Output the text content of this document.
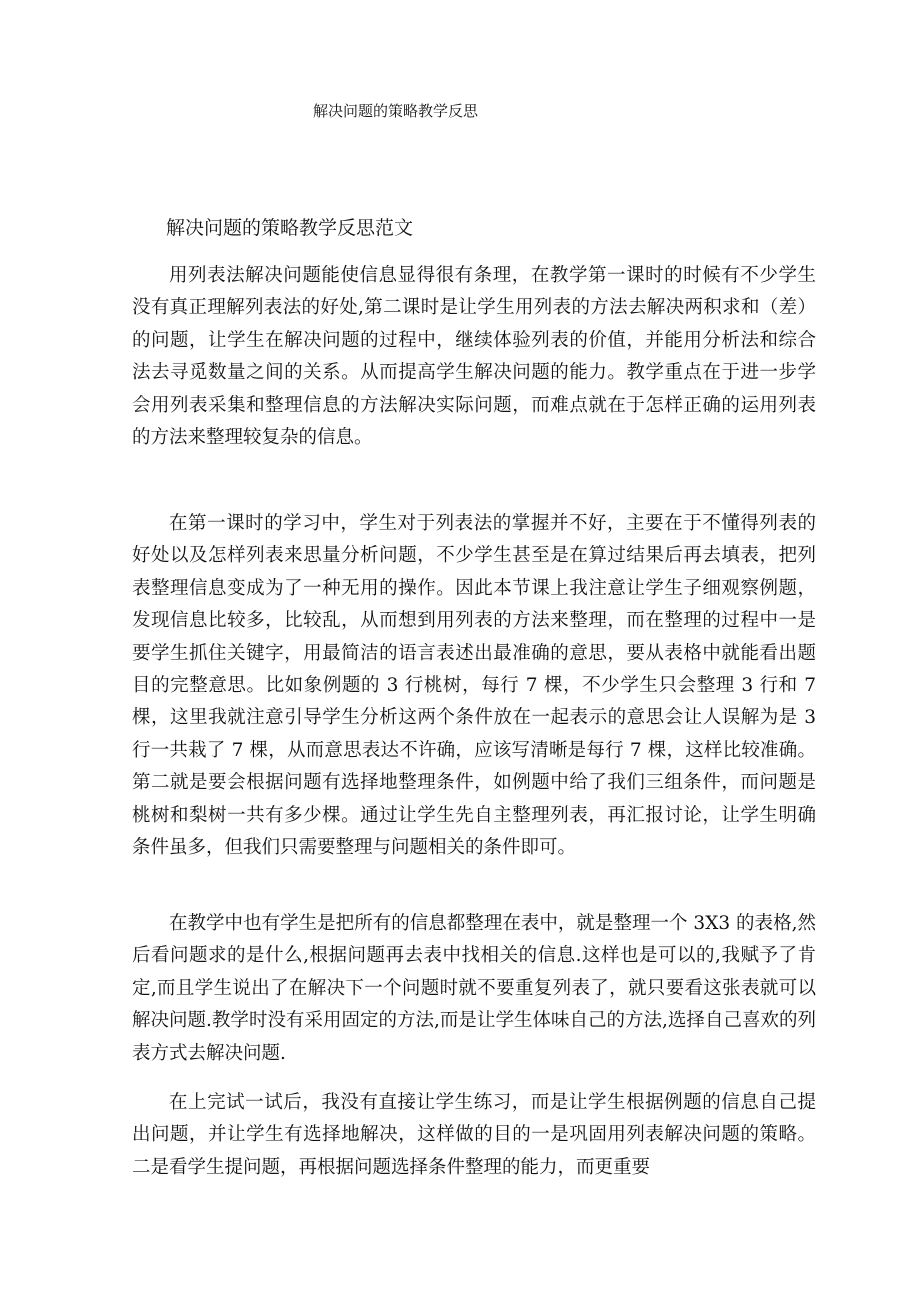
解决问题的策略教学反思
解决问题的策略教学反思范文

用列表法解决问题能使信息显得很有条理，在教学第一课时的时候有不少学生没有真正理解列表法的好处,第二课时是让学生用列表的方法去解决两积求和（差）的问题，让学生在解决问题的过程中，继续体验列表的价值，并能用分析法和综合法去寻觅数量之间的关系。从而提高学生解决问题的能力。教学重点在于进一步学会用列表采集和整理信息的方法解决实际问题，而难点就在于怎样正确的运用列表的方法来整理较复杂的信息。

在第一课时的学习中，学生对于列表法的掌握并不好，主要在于不懂得列表的好处以及怎样列表来思量分析问题，不少学生甚至是在算过结果后再去填表，把列表整理信息变成为了一种无用的操作。因此本节课上我注意让学生子细观察例题，发现信息比较多，比较乱，从而想到用列表的方法来整理，而在整理的过程中一是要学生抓住关键字，用最简洁的语言表述出最准确的意思，要从表格中就能看出题目的完整意思。比如象例题的 3 行桃树，每行 7 棵，不少学生只会整理 3 行和 7 棵，这里我就注意引导学生分析这两个条件放在一起表示的意思会让人误解为是 3 行一共栽了 7 棵，从而意思表达不许确，应该写清晰是每行 7 棵，这样比较准确。第二就是要会根据问题有选择地整理条件，如例题中给了我们三组条件，而问题是桃树和梨树一共有多少棵。通过让学生先自主整理列表，再汇报讨论，让学生明确条件虽多，但我们只需要整理与问题相关的条件即可。

在教学中也有学生是把所有的信息都整理在表中，就是整理一个 3X3 的表格,然后看问题求的是什么,根据问题再去表中找相关的信息.这样也是可以的,我赋予了肯定,而且学生说出了在解决下一个问题时就不要重复列表了，就只要看这张表就可以解决问题.教学时没有采用固定的方法,而是让学生体味自己的方法,选择自己喜欢的列表方式去解决问题.

在上完试一试后，我没有直接让学生练习，而是让学生根据例题的信息自己提出问题，并让学生有选择地解决，这样做的目的一是巩固用列表解决问题的策略。二是看学生提问题，再根据问题选择条件整理的能力，而更重要
